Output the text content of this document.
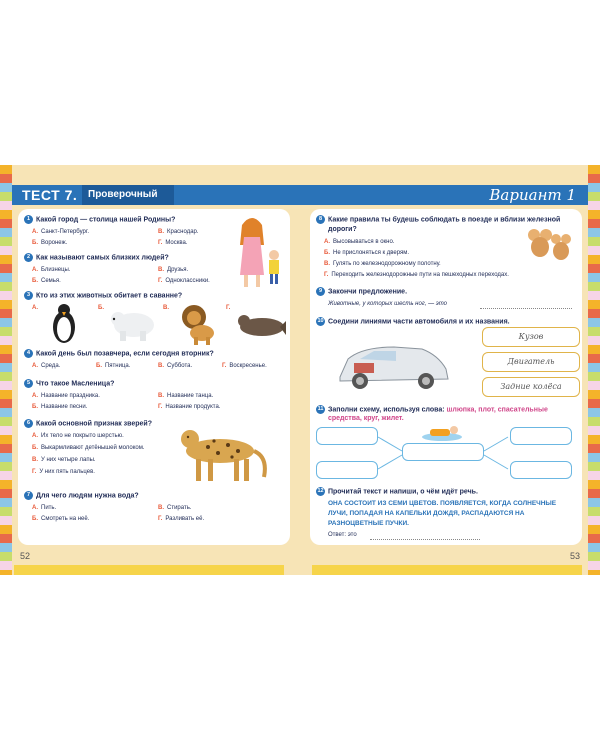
ТЕСТ 7. Проверочный	Вариант 1
1 Какой город — столица нашей Родины?
А. Санкт-Петербург.	В. Краснодар.
Б. Воронеж.	Г. Москва.
2 Как называют самых близких людей?
А. Близнецы.	В. Друзья.
Б. Семья.	Г. Одноклассники.
3 Кто из этих животных обитает в саванне?
А.	Б.	В.	Г.
4 Какой день был позавчера, если сегодня вторник?
А. Среда.	Б. Пятница.	В. Суббота.	Г. Воскресенье.
5 Что такое Масленица?
А. Название праздника.	В. Название танца.
Б. Название песни.	Г. Название продукта.
6 Какой основной признак зверей?
А. Их тело не покрыто шерстью.
Б. Выкармливают детёнышей молоком.
В. У них четыре лапы.
Г. У них пять пальцев.
7 Для чего людям нужна вода?
А. Пить.	В. Стирать.
Б. Смотреть на неё.	Г. Разливать её.
8 Какие правила ты будешь соблюдать в поезде и вблизи железной
дороги?
А. Высовываться в окно.
Б. Не прислоняться к дверям.
В. Гулять по железнодорожному полотну.
Г. Переходить железнодорожные пути на пешеходных переходах.
9 Закончи предложение.
Животные, у которых шесть ног, — это
10 Соедини линиями части автомобиля и их названия.
Кузов
Двигатель
Задние колёса
11 Заполни схему, используя слова: шлюпка, плот, спасательные
средства, круг, жилет.
12 Прочитай текст и напиши, о чём идёт речь.
ОНА СОСТОИТ ИЗ СЕМИ ЦВЕТОВ. ПОЯВЛЯЕТСЯ, КОГДА СОЛНЕЧНЫЕ
ЛУЧИ, ПОПАДАЯ НА КАПЕЛЬКИ ДОЖДЯ, РАСПАДАЮТСЯ НА
РАЗНОЦВЕТНЫЕ ПУЧКИ.
Ответ: это
52	53
